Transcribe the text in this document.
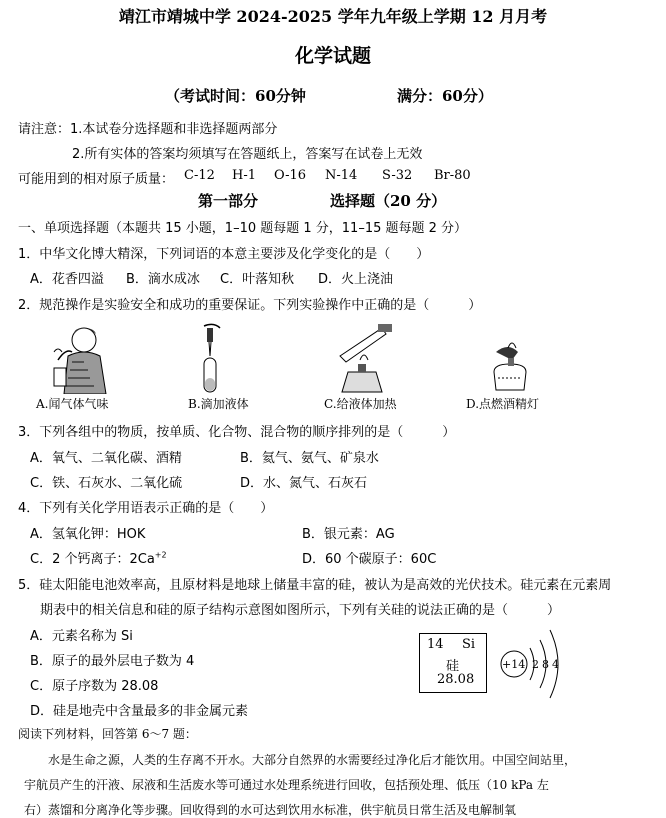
靖江市靖城中学 2024-2025 学年九年级上学期 12 月月考
化学试题
（考试时间：60分钟	满分：60分）
请注意：1.本试卷分选择题和非选择题两部分
2.所有实体的答案均须填写在答题纸上，答案写在试卷上无效
可能用到的相对原子质量： C-12 H-1 O-16 N-14 S-32 Br-80
第一部分	选择题（20 分）
一、单项选择题（本题共 15 小题，1–10 题每题 1 分，11–15 题每题 2 分）
1．中华文化博大精深，下列词语的本意主要涉及化学变化的是（　　）
A．花香四溢 B．滴水成冰 C．叶落知秋 D．火上浇油
2．规范操作是实验安全和成功的重要保证。下列实验操作中正确的是（　　　）
A.闻气体气味	B.滴加液体	C.给液体加热	D.点燃酒精灯
3．下列各组中的物质，按单质、化合物、混合物的顺序排列的是（　　　）
A．氧气、二氧化碳、酒精	B．氦气、氨气、矿泉水
C．铁、石灰水、二氧化硫	D．水、氮气、石灰石
4．下列有关化学用语表示正确的是（　　）
A．氢氧化钾：HOK	B．银元素：AG
C．2 个钙离子：$2Ca^{+2}$	D．60 个碳原子：60C
5．硅太阳能电池效率高，且原材料是地球上储量丰富的硅，被认为是高效的光伏技术。硅元素在元素周
期表中的相关信息和硅的原子结构示意图如图所示，下列有关硅的说法正确的是（　　　）
A．元素名称为 Si
B．原子的最外层电子数为 4
C．原子序数为 28.08
D．硅是地壳中含量最多的非金属元素
14 Si
硅
28.08
+14 2 8 4
阅读下列材料，回答第 6～7 题：
水是生命之源，人类的生存离不开水。大部分自然界的水需要经过净化后才能饮用。中国空间站里，
宇航员产生的汗液、尿液和生活废水等可通过水处理系统进行回收，包括预处理、低压（10 kPa 左
右）蒸馏和分离净化等步骤。回收得到的水可达到饮用水标准，供宇航员日常生活及电解制氧
